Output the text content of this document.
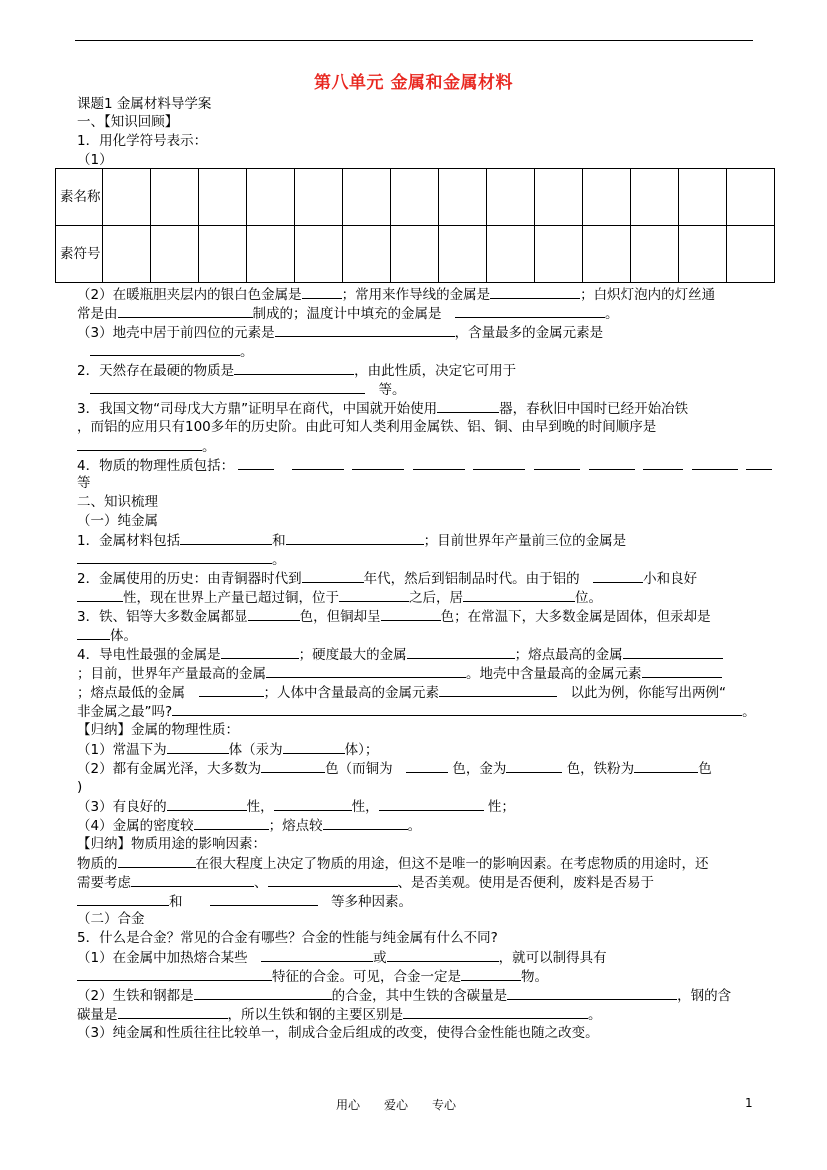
第八单元 金属和金属材料
课题1 金属材料导学案
一、【知识回顾】
1．用化学符号表示：
（1）
素名称														
素符号														
（2）在暖瓶胆夹层内的银白色金属是	；常用来作导线的金属是	；白炽灯泡内的灯丝通
常是由	制成的；温度计中填充的金属是　	。
（3）地壳中居于前四位的元素是	，含量最多的金属元素是
。
2．天然存在最硬的物质是	，由此性质，决定它可用于
　等。
3．我国文物“司母戊大方鼎”证明早在商代，中国就开始使用	器，春秋旧中国时已经开始冶铁
，而铝的应用只有100多年的历史阶。由此可知人类利用金属铁、铝、铜、由早到晚的时间顺序是
。
4．物质的物理性质包括：
等
二、知识梳理
（一）纯金属
1．金属材料包括	和	；目前世界年产量前三位的金属是
。
2．金属使用的历史：由青铜器时代到	年代，然后到铝制品时代。由于铝的　	小和良好
性，现在世界上产量已超过铜，位于	之后，居	位。
3．铁、铝等大多数金属都显	色，但铜却呈	色；在常温下，大多数金属是固体，但汞却是
体。
4．导电性最强的金属是	；硬度最大的金属	；熔点最高的金属
；目前，世界年产量最高的金属	。地壳中含量最高的金属元素
；熔点最低的金属　	；人体中含量最高的金属元素　	以此为例，你能写出两例“
非金属之最”吗?	。
【归纳】金属的物理性质：
（1）常温下为	体（汞为	体）；
（2）都有金属光泽，大多数为	色（而铜为　	色，金为	色，铁粉为	色
)
（3）有良好的	性，	性，	性；
（4）金属的密度较	；熔点较	。
【归纳】物质用途的影响因素：
物质的	在很大程度上决定了物质的用途，但这不是唯一的影响因素。在考虑物质的用途时，还
需要考虑	、	、是否美观。使用是否便利，废料是否易于
和　　　	等多种因素。
（二）合金
5．什么是合金？常见的合金有哪些？合金的性能与纯金属有什么不同?
（1）在金属中加热熔合某些　	或	，就可以制得具有
特征的合金。可见，合金一定是	物。
（2）生铁和钢都是	的合金，其中生铁的含碳量是	，钢的含
碳量是	，所以生铁和钢的主要区别是	。
（3）纯金属和性质往往比较单一，制成合金后组成的改变，使得合金性能也随之改变。
用心　　爱心　　专心	1
